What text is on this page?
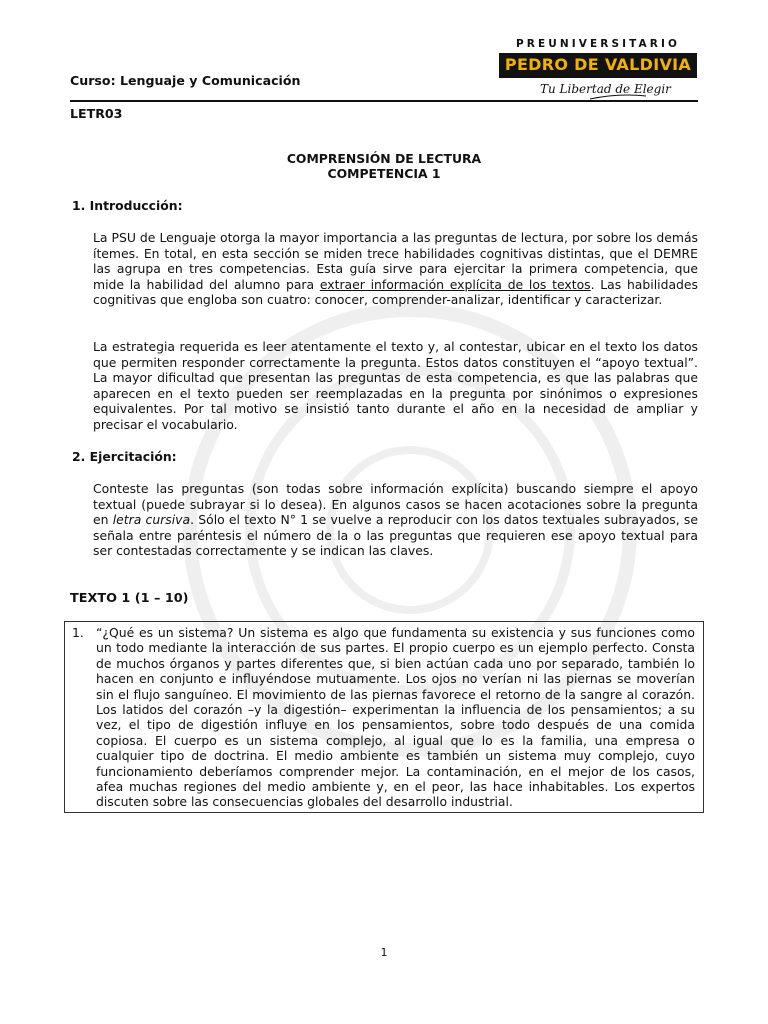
Curso: Lenguaje y Comunicación
LETR03
PREUNIVERSITARIO
PEDRO DE VALDIVIA
Tu Libertad de Elegir
COMPRENSIÓN DE LECTURA
COMPETENCIA 1
1. Introducción:

La PSU de Lenguaje otorga la mayor importancia a las preguntas de lectura, por sobre los demás ítemes. En total, en esta sección se miden trece habilidades cognitivas distintas, que el DEMRE las agrupa en tres competencias. Esta guía sirve para ejercitar la primera competencia, que mide la habilidad del alumno para extraer información explícita de los textos. Las habilidades cognitivas que engloba son cuatro: conocer, comprender-analizar, identificar y caracterizar.

La estrategia requerida es leer atentamente el texto y, al contestar, ubicar en el texto los datos que permiten responder correctamente la pregunta. Estos datos constituyen el “apoyo textual”. La mayor dificultad que presentan las preguntas de esta competencia, es que las palabras que aparecen en el texto pueden ser reemplazadas en la pregunta por sinónimos o expresiones equivalentes. Por tal motivo se insistió tanto durante el año en la necesidad de ampliar y precisar el vocabulario.

2. Ejercitación:

Conteste las preguntas (son todas sobre información explícita) buscando siempre el apoyo textual (puede subrayar si lo desea). En algunos casos se hacen acotaciones sobre la pregunta en letra cursiva. Sólo el texto N° 1 se vuelve a reproducir con los datos textuales subrayados, se señala entre paréntesis el número de la o las preguntas que requieren ese apoyo textual para ser contestadas correctamente y se indican las claves.

TEXTO 1 (1 – 10)
1. “¿Qué es un sistema? Un sistema es algo que fundamenta su existencia y sus funciones como un todo mediante la interacción de sus partes. El propio cuerpo es un ejemplo perfecto. Consta de muchos órganos y partes diferentes que, si bien actúan cada uno por separado, también lo hacen en conjunto e influyéndose mutuamente. Los ojos no verían ni las piernas se moverían sin el flujo sanguíneo. El movimiento de las piernas favorece el retorno de la sangre al corazón. Los latidos del corazón –y la digestión– experimentan la influencia de los pensamientos; a su vez, el tipo de digestión influye en los pensamientos, sobre todo después de una comida copiosa. El cuerpo es un sistema complejo, al igual que lo es la familia, una empresa o cualquier tipo de doctrina. El medio ambiente es también un sistema muy complejo, cuyo funcionamiento deberíamos comprender mejor. La contaminación, en el mejor de los casos, afea muchas regiones del medio ambiente y, en el peor, las hace inhabitables. Los expertos discuten sobre las consecuencias globales del desarrollo industrial.

1
